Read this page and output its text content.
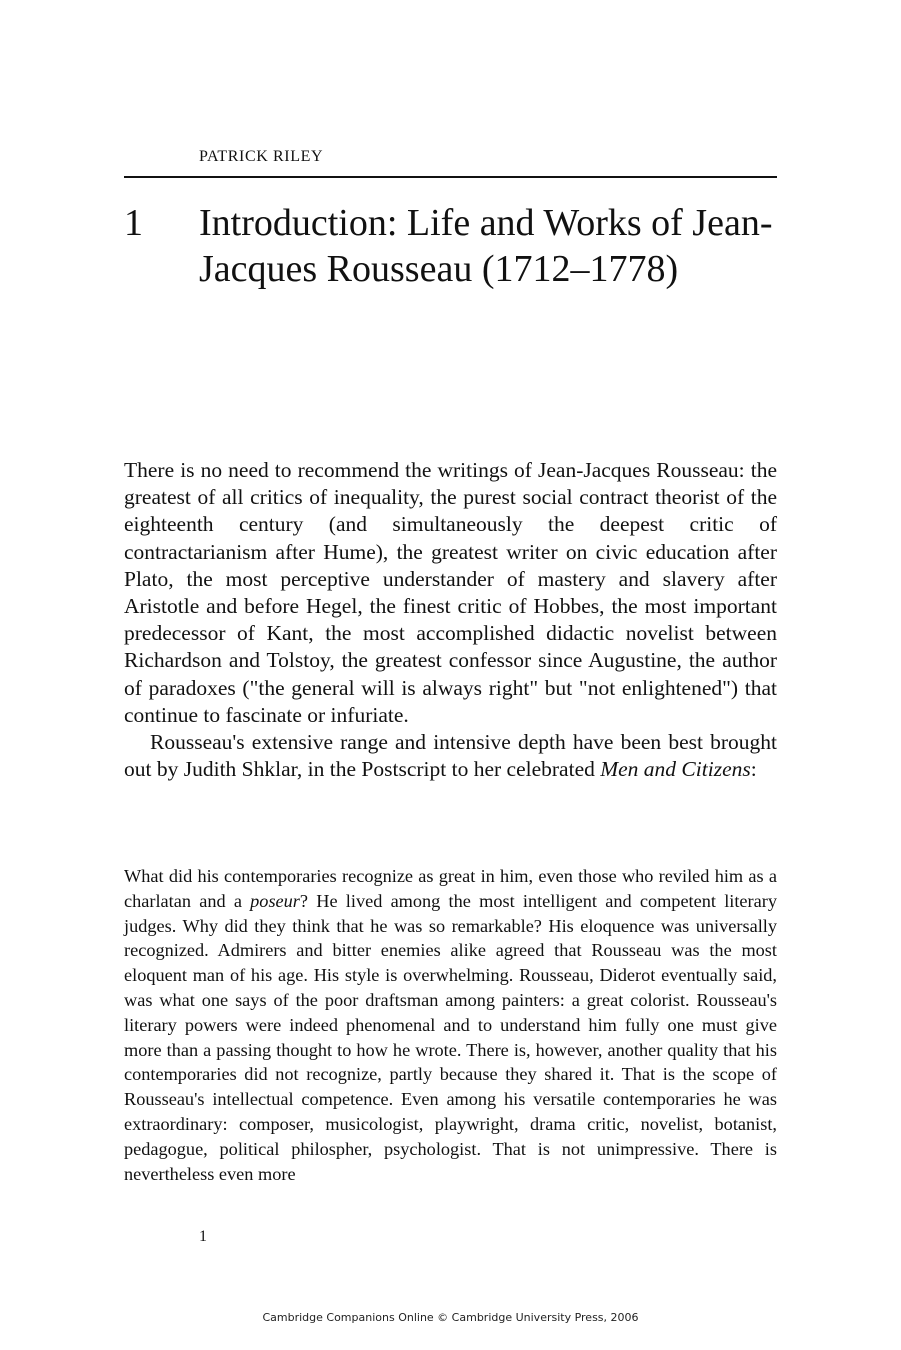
PATRICK RILEY
1 Introduction: Life and Works of Jean-Jacques Rousseau (1712–1778)

There is no need to recommend the writings of Jean-Jacques Rousseau: the greatest of all critics of inequality, the purest social contract theorist of the eighteenth century (and simultaneously the deepest critic of contractarianism after Hume), the greatest writer on civic education after Plato, the most perceptive understander of mastery and slavery after Aristotle and before Hegel, the finest critic of Hobbes, the most important predecessor of Kant, the most accomplished didactic novelist between Richardson and Tolstoy, the greatest confessor since Augustine, the author of paradoxes ("the general will is always right" but "not enlightened") that continue to fascinate or infuriate.

Rousseau's extensive range and intensive depth have been best brought out by Judith Shklar, in the Postscript to her celebrated Men and Citizens:

What did his contemporaries recognize as great in him, even those who reviled him as a charlatan and a poseur? He lived among the most intelligent and competent literary judges. Why did they think that he was so remarkable? His eloquence was universally recognized. Admirers and bitter enemies alike agreed that Rousseau was the most eloquent man of his age. His style is overwhelming. Rousseau, Diderot eventually said, was what one says of the poor draftsman among painters: a great colorist. Rousseau's literary powers were indeed phenomenal and to understand him fully one must give more than a passing thought to how he wrote. There is, however, another quality that his contemporaries did not recognize, partly because they shared it. That is the scope of Rousseau's intellectual competence. Even among his versatile contemporaries he was extraordinary: composer, musicologist, playwright, drama critic, novelist, botanist, pedagogue, political philospher, psychologist. That is not unimpressive. There is nevertheless even more
1
Cambridge Companions Online © Cambridge University Press, 2006
